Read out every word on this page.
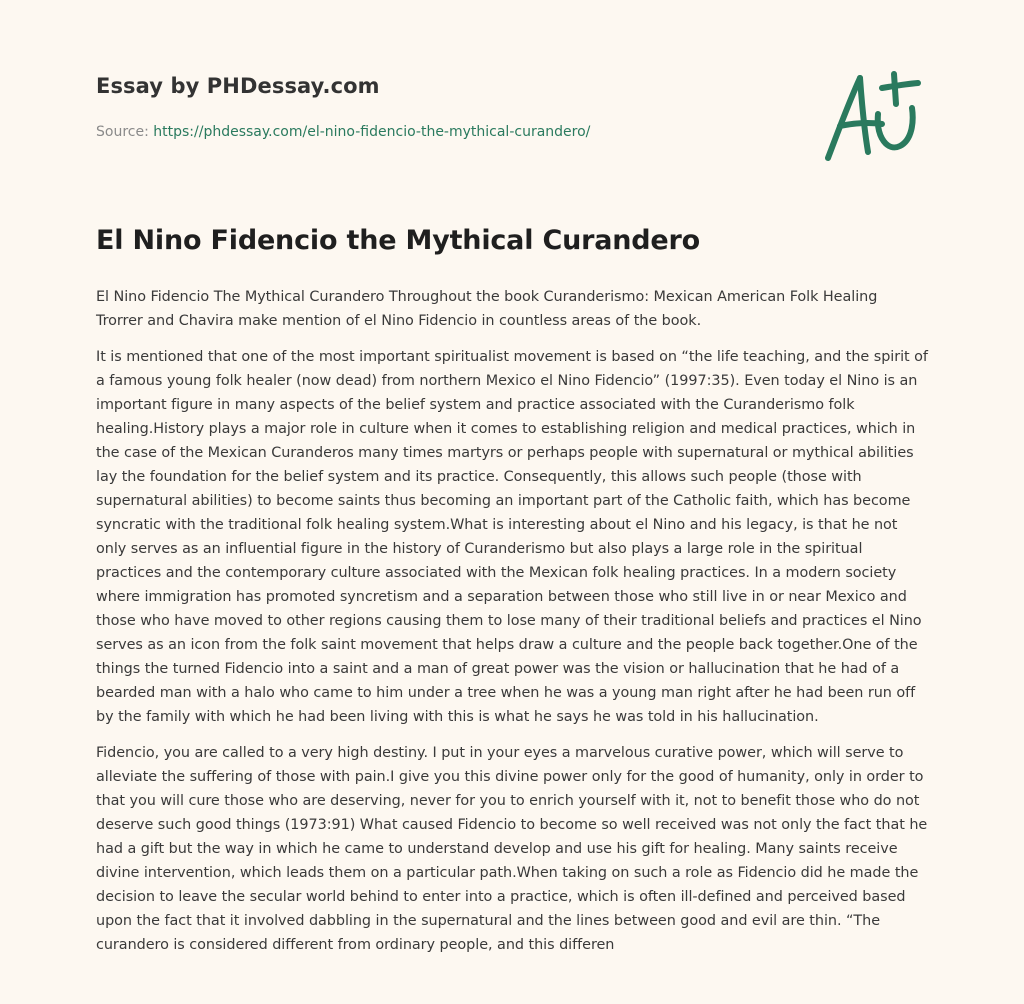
Essay by PHDessay.com
Source: https://phdessay.com/el-nino-fidencio-the-mythical-curandero/
El Nino Fidencio the Mythical Curandero

El Nino Fidencio The Mythical Curandero Throughout the book Curanderismo: Mexican American Folk Healing Trorrer and Chavira make mention of el Nino Fidencio in countless areas of the book.

It is mentioned that one of the most important spiritualist movement is based on “the life teaching, and the spirit of a famous young folk healer (now dead) from northern Mexico el Nino Fidencio” (1997:35). Even today el Nino is an important figure in many aspects of the belief system and practice associated with the Curanderismo folk healing.History plays a major role in culture when it comes to establishing religion and medical practices, which in the case of the Mexican Curanderos many times martyrs or perhaps people with supernatural or mythical abilities lay the foundation for the belief system and its practice. Consequently, this allows such people (those with supernatural abilities) to become saints thus becoming an important part of the Catholic faith, which has become syncratic with the traditional folk healing system.What is interesting about el Nino and his legacy, is that he not only serves as an influential figure in the history of Curanderismo but also plays a large role in the spiritual practices and the contemporary culture associated with the Mexican folk healing practices. In a modern society where immigration has promoted syncretism and a separation between those who still live in or near Mexico and those who have moved to other regions causing them to lose many of their traditional beliefs and practices el Nino serves as an icon from the folk saint movement that helps draw a culture and the people back together.One of the things the turned Fidencio into a saint and a man of great power was the vision or hallucination that he had of a bearded man with a halo who came to him under a tree when he was a young man right after he had been run off by the family with which he had been living with this is what he says he was told in his hallucination.

Fidencio, you are called to a very high destiny. I put in your eyes a marvelous curative power, which will serve to alleviate the suffering of those with pain.I give you this divine power only for the good of humanity, only in order to that you will cure those who are deserving, never for you to enrich yourself with it, not to benefit those who do not deserve such good things (1973:91) What caused Fidencio to become so well received was not only the fact that he had a gift but the way in which he came to understand develop and use his gift for healing. Many saints receive divine intervention, which leads them on a particular path.When taking on such a role as Fidencio did he made the decision to leave the secular world behind to enter into a practice, which is often ill-defined and perceived based upon the fact that it involved dabbling in the supernatural and the lines between good and evil are thin. “The curandero is considered different from ordinary people, and this differen
